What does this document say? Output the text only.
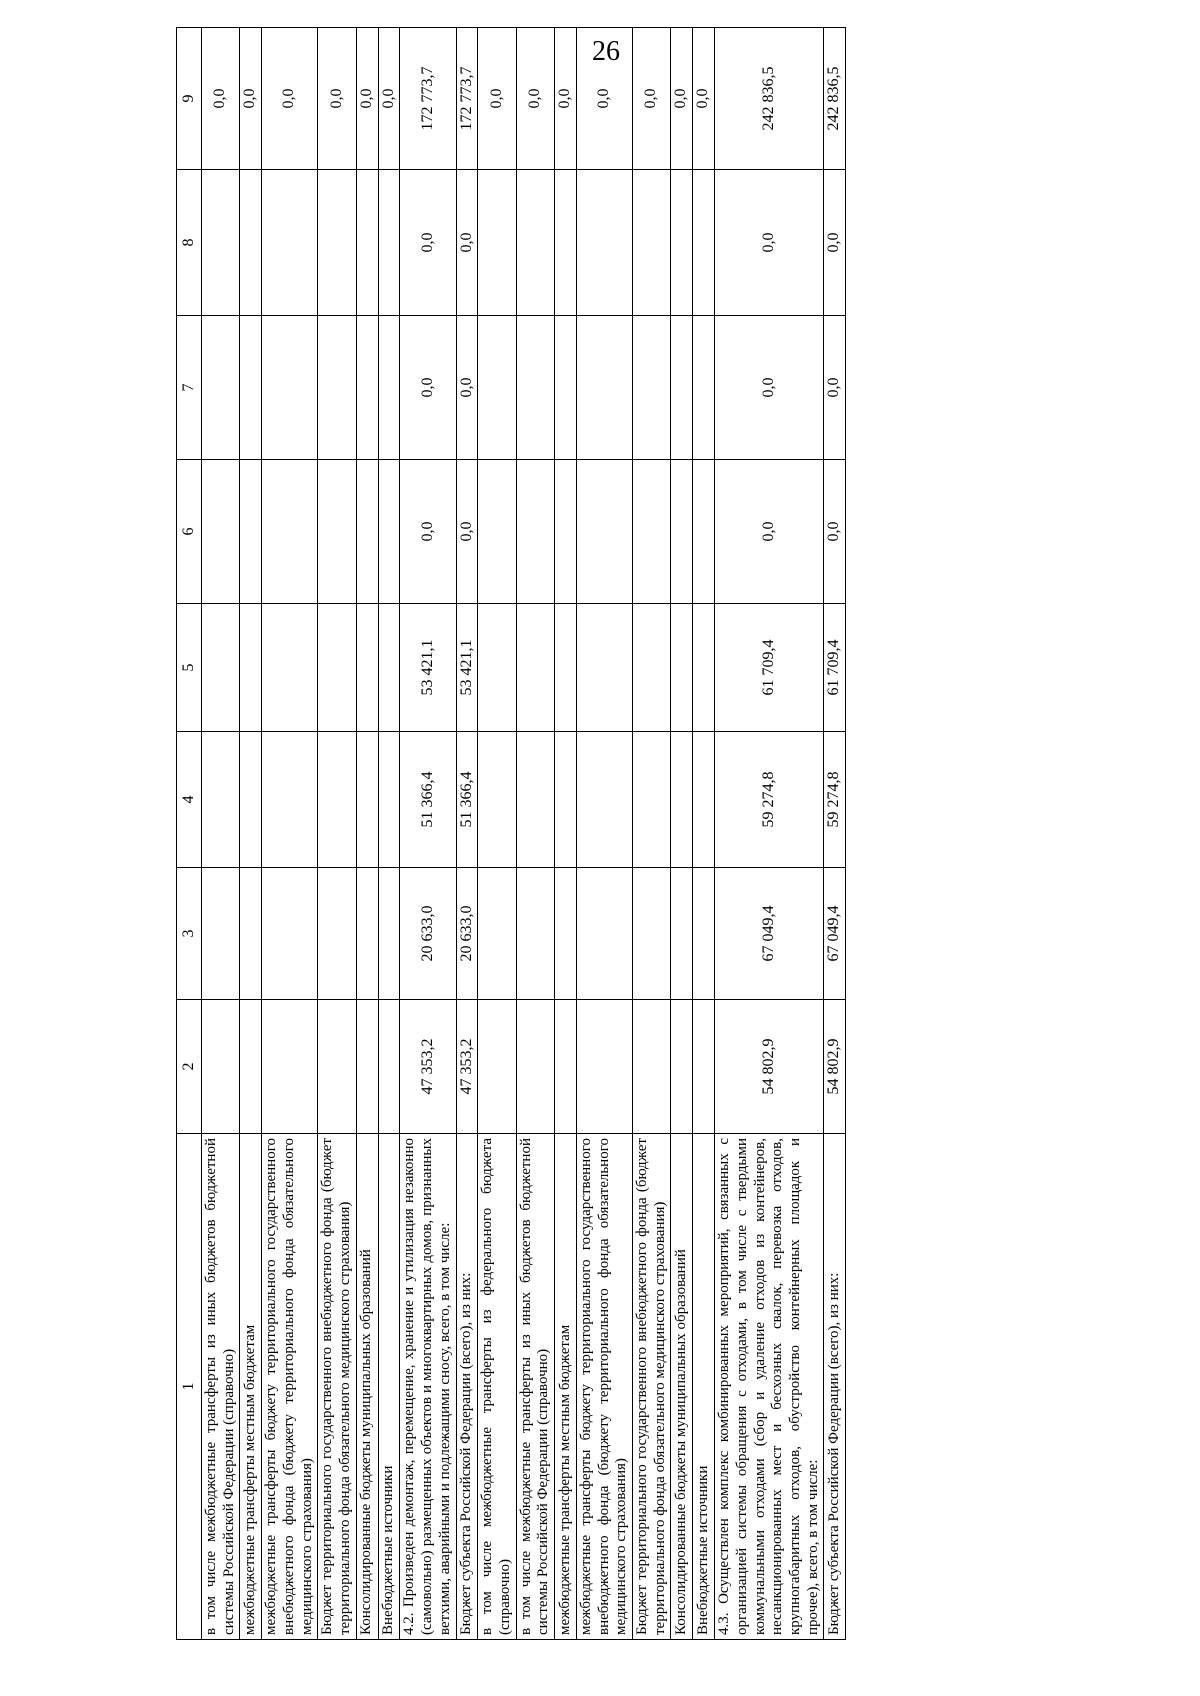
26
1	2	3	4	5	6	7	8	9
в том числе межбюджетные трансферты из иных бюджетов бюджетной системы Российской Федерации (справочно)								0,0
межбюджетные трансферты местным бюджетам								0,0
межбюджетные трансферты бюджету территориального государственного внебюджетного фонда (бюджету территориального фонда обязательного медицинского страхования)								0,0
Бюджет территориального государственного внебюджетного фонда (бюджет территориального фонда обязательного медицинского страхования)								0,0
Консолидированные бюджеты муниципальных образований								0,0
Внебюджетные источники								0,0
4.2. Произведен демонтаж, перемещение, хранение и утилизация незаконно (самовольно) размещенных объектов и многоквартирных домов, признанных ветхими, аварийными и подлежащими сносу, всего, в том числе:	47 353,2	20 633,0	51 366,4	53 421,1	0,0	0,0	0,0	172 773,7
Бюджет субъекта Российской Федерации (всего), из них:	47 353,2	20 633,0	51 366,4	53 421,1	0,0	0,0	0,0	172 773,7
в том числе межбюджетные трансферты из федерального бюджета (справочно)								0,0
в том числе межбюджетные трансферты из иных бюджетов бюджетной системы Российской Федерации (справочно)								0,0
межбюджетные трансферты местным бюджетам								0,0
межбюджетные трансферты бюджету территориального государственного внебюджетного фонда (бюджету территориального фонда обязательного медицинского страхования)								0,0
Бюджет территориального государственного внебюджетного фонда (бюджет территориального фонда обязательного медицинского страхования)								0,0
Консолидированные бюджеты муниципальных образований								0,0
Внебюджетные источники								0,0
4.3. Осуществлен комплекс комбинированных мероприятий, связанных с организацией системы обращения с отходами, в том числе с твердыми коммунальными отходами (сбор и удаление отходов из контейнеров, несанкционированных мест и бесхозных свалок, перевозка отходов, крупногабаритных отходов, обустройство контейнерных площадок и прочее), всего, в том числе:	54 802,9	67 049,4	59 274,8	61 709,4	0,0	0,0	0,0	242 836,5
Бюджет субъекта Российской Федерации (всего), из них:	54 802,9	67 049,4	59 274,8	61 709,4	0,0	0,0	0,0	242 836,5
